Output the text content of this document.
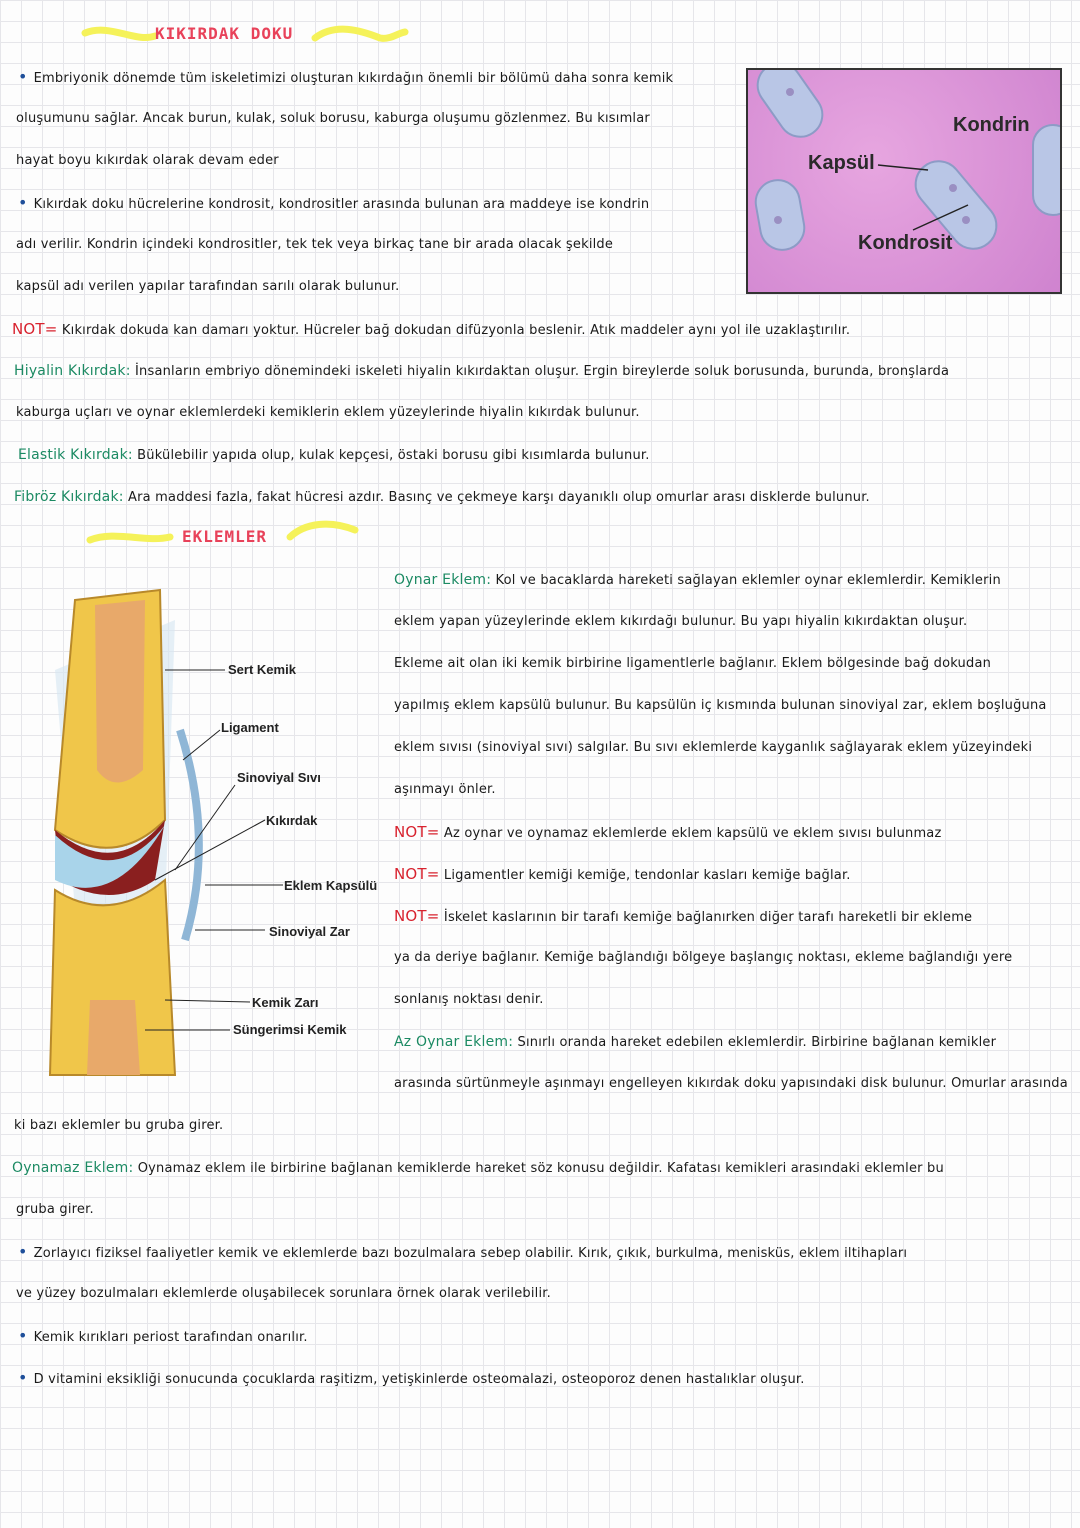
KIKIRDAK DOKU
EKLEMLER
Kondrin
Kapsül
Kondrosit
Sert Kemik
Ligament
Sinoviyal Sıvı
Kıkırdak
Eklem Kapsülü
Sinoviyal Zar
Kemik Zarı
Süngerimsi Kemik
• Embriyonik dönemde tüm iskeletimizi oluşturan kıkırdağın önemli bir bölümü daha sonra kemik
oluşumunu sağlar. Ancak burun, kulak, soluk borusu, kaburga oluşumu gözlenmez. Bu kısımlar
hayat boyu kıkırdak olarak devam eder
• Kıkırdak doku hücrelerine kondrosit, kondrositler arasında bulunan ara maddeye ise kondrin
adı verilir. Kondrin içindeki kondrositler, tek tek veya birkaç tane bir arada olacak şekilde
kapsül adı verilen yapılar tarafından sarılı olarak bulunur.
NOT= Kıkırdak dokuda kan damarı yoktur. Hücreler bağ dokudan difüzyonla beslenir. Atık maddeler aynı yol ile uzaklaştırılır.
Hiyalin Kıkırdak: İnsanların embriyo dönemindeki iskeleti hiyalin kıkırdaktan oluşur. Ergin bireylerde soluk borusunda, burunda, bronşlarda
kaburga uçları ve oynar eklemlerdeki kemiklerin eklem yüzeylerinde hiyalin kıkırdak bulunur.
Elastik Kıkırdak: Bükülebilir yapıda olup, kulak kepçesi, östaki borusu gibi kısımlarda bulunur.
Fibröz Kıkırdak: Ara maddesi fazla, fakat hücresi azdır. Basınç ve çekmeye karşı dayanıklı olup omurlar arası disklerde bulunur.
Oynar Eklem: Kol ve bacaklarda hareketi sağlayan eklemler oynar eklemlerdir. Kemiklerin
eklem yapan yüzeylerinde eklem kıkırdağı bulunur. Bu yapı hiyalin kıkırdaktan oluşur.
Ekleme ait olan iki kemik birbirine ligamentlerle bağlanır. Eklem bölgesinde bağ dokudan
yapılmış eklem kapsülü bulunur. Bu kapsülün iç kısmında bulunan sinoviyal zar, eklem boşluğuna
eklem sıvısı (sinoviyal sıvı) salgılar. Bu sıvı eklemlerde kayganlık sağlayarak eklem yüzeyindeki
aşınmayı önler.
NOT= Az oynar ve oynamaz eklemlerde eklem kapsülü ve eklem sıvısı bulunmaz
NOT= Ligamentler kemiği kemiğe, tendonlar kasları kemiğe bağlar.
NOT= İskelet kaslarının bir tarafı kemiğe bağlanırken diğer tarafı hareketli bir ekleme
ya da deriye bağlanır. Kemiğe bağlandığı bölgeye başlangıç noktası, ekleme bağlandığı yere
sonlanış noktası denir.
Az Oynar Eklem: Sınırlı oranda hareket edebilen eklemlerdir. Birbirine bağlanan kemikler
arasında sürtünmeyle aşınmayı engelleyen kıkırdak doku yapısındaki disk bulunur. Omurlar arasında
ki bazı eklemler bu gruba girer.
Oynamaz Eklem: Oynamaz eklem ile birbirine bağlanan kemiklerde hareket söz konusu değildir. Kafatası kemikleri arasındaki eklemler bu
gruba girer.
• Zorlayıcı fiziksel faaliyetler kemik ve eklemlerde bazı bozulmalara sebep olabilir. Kırık, çıkık, burkulma, menisküs, eklem iltihapları
ve yüzey bozulmaları eklemlerde oluşabilecek sorunlara örnek olarak verilebilir.
• Kemik kırıkları periost tarafından onarılır.
• D vitamini eksikliği sonucunda çocuklarda raşitizm, yetişkinlerde osteomalazi, osteoporoz denen hastalıklar oluşur.
